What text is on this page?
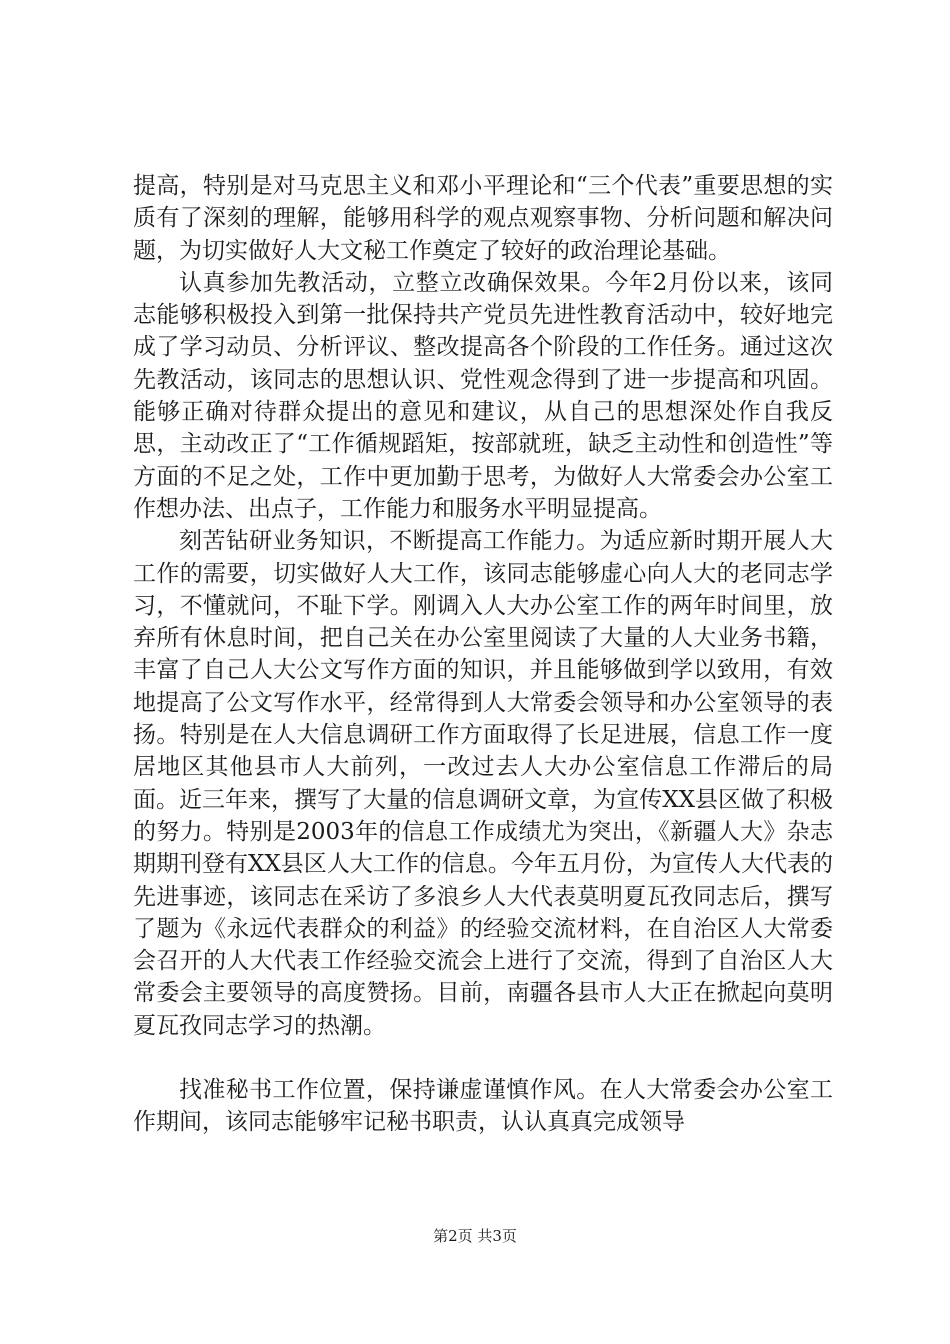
提高，特别是对马克思主义和邓小平理论和“三个代表”重要思想的实质有了深刻的理解，能够用科学的观点观察事物、分析问题和解决问题，为切实做好人大文秘工作奠定了较好的政治理论基础。

认真参加先教活动，立整立改确保效果。今年2月份以来，该同志能够积极投入到第一批保持共产党员先进性教育活动中，较好地完成了学习动员、分析评议、整改提高各个阶段的工作任务。通过这次先教活动，该同志的思想认识、党性观念得到了进一步提高和巩固。能够正确对待群众提出的意见和建议，从自己的思想深处作自我反思，主动改正了“工作循规蹈矩，按部就班，缺乏主动性和创造性”等方面的不足之处，工作中更加勤于思考，为做好人大常委会办公室工作想办法、出点子，工作能力和服务水平明显提高。

刻苦钻研业务知识，不断提高工作能力。为适应新时期开展人大工作的需要，切实做好人大工作，该同志能够虚心向人大的老同志学习，不懂就问，不耻下学。刚调入人大办公室工作的两年时间里，放弃所有休息时间，把自己关在办公室里阅读了大量的人大业务书籍，丰富了自己人大公文写作方面的知识，并且能够做到学以致用，有效地提高了公文写作水平，经常得到人大常委会领导和办公室领导的表扬。特别是在人大信息调研工作方面取得了长足进展，信息工作一度居地区其他县市人大前列，一改过去人大办公室信息工作滞后的局面。近三年来，撰写了大量的信息调研文章，为宣传XX县区做了积极的努力。特别是2003年的信息工作成绩尤为突出，《新疆人大》杂志期期刊登有XX县区人大工作的信息。今年五月份，为宣传人大代表的先进事迹，该同志在采访了多浪乡人大代表莫明夏瓦孜同志后，撰写了题为《永远代表群众的利益》的经验交流材料，在自治区人大常委会召开的人大代表工作经验交流会上进行了交流，得到了自治区人大常委会主要领导的高度赞扬。目前，南疆各县市人大正在掀起向莫明夏瓦孜同志学习的热潮。

找准秘书工作位置，保持谦虚谨慎作风。在人大常委会办公室工作期间，该同志能够牢记秘书职责，认认真真完成领导

第2页 共3页
